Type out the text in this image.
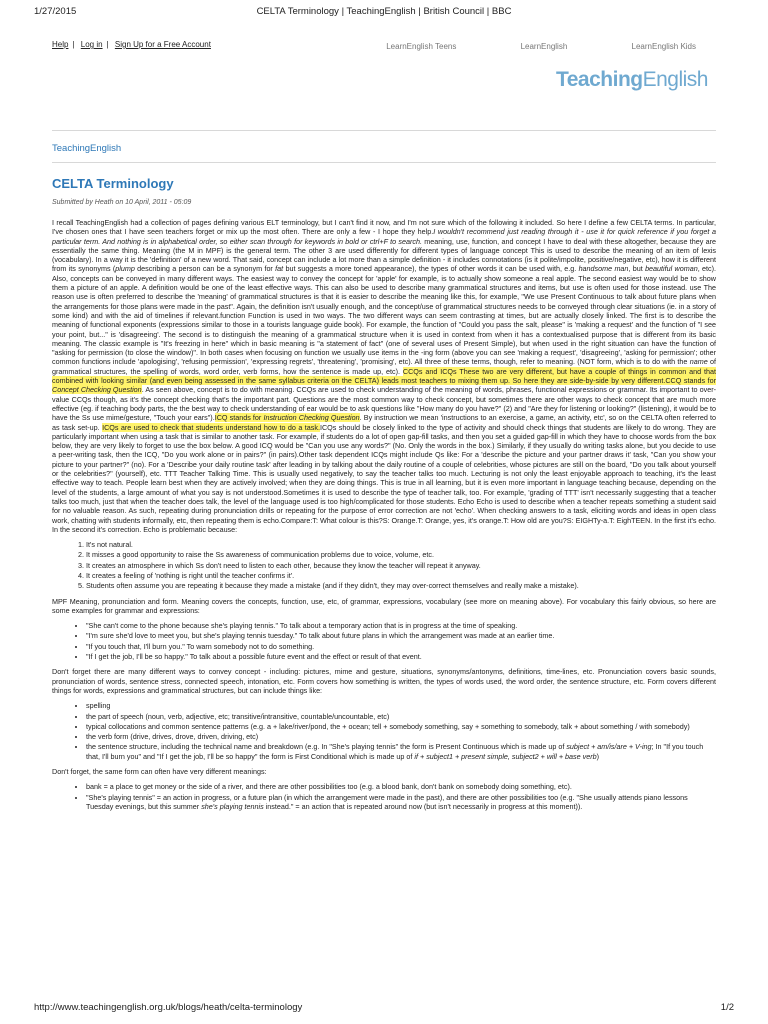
1/27/2015	CELTA Terminology | TeachingEnglish | British Council | BBC
Help | Log in | Sign Up for a Free Account	LearnEnglish Teens	LearnEnglish	LearnEnglish Kids
TeachingEnglish
TeachingEnglish
CELTA Terminology
Submitted by Heath on 10 April, 2011 - 05:09

I recall TeachingEnglish had a collection of pages defining various ELT terminology, but I can't find it now, and I'm not sure which of the following it included. So here I define a few CELTA terms. In particular, I've chosen ones that I have seen teachers forget or mix up the most often. There are only a few - I hope they help.I wouldn't recommend just reading through it - use it for quick reference if you forget a particular term. And nothing is in alphabetical order, so either scan through for keywords in bold or ctrl+F to search. meaning, use, function, and concept I have to deal with these altogether, because they are essentially the same thing. Meaning (the M in MPF) is the general term. The other 3 are used differently for different types of language concept This is used to describe the meaning of an item of lexis (vocabulary). In a way it is the 'definition' of a new word. That said, concept can include a lot more than a simple definition - it includes connotations (is it polite/impolite, positive/negative, etc), how it is different from its synonyms (plump describing a person can be a synonym for fat but suggests a more toned appearance), the types of other words it can be used with, e.g. handsome man, but beautiful woman, etc). Also, concepts can be conveyed in many different ways. The easiest way to convey the concept for 'apple' for example, is to actually show someone a real apple. The second easiest way would be to show them a picture of an apple. A definition would be one of the least effective ways. This can also be used to describe many grammatical structures and items, but use is often used for those instead. use The reason use is often preferred to describe the 'meaning' of grammatical structures is that it is easier to describe the meaning like this, for example, "We use Present Continuous to talk about future plans when the arrangements for those plans were made in the past". Again, the definition isn't usually enough, and the concept/use of grammatical structures needs to be conveyed through clear situations (ie. in a story of some kind) and with the aid of timelines if relevant.function Function is used in two ways. The two different ways can seem contrasting at times, but are actually closely linked. The first is to describe the meaning of functional exponents (expressions similar to those in a tourists language guide book). For example, the function of "Could you pass the salt, please" is 'making a request' and the function of "I see your point, but..." is 'disagreeing'. The second is to distinguish the meaning of a grammatical structure when it is used in context from when it has a contextualised purpose that is different from its basic meaning. The classic example is "It's freezing in here" which in basic meaning is "a statement of fact" (one of several uses of Present Simple), but when used in the right situation can have the function of "asking for permission (to close the window)". In both cases when focusing on function we usually use items in the -ing form (above you can see 'making a request', 'disagreeing', 'asking for permission'; other common functions include 'apologising', 'refusing permission', 'expressing regrets', 'threatening', 'promising', etc). All three of these terms, though, refer to meaning. (NOT form, which is to do with the name of grammatical structures, the spelling of words, word order, verb forms, how the sentence is made up, etc). CCQs and ICQs These two are very different, but have a couple of things in common and that combined with looking similar (and even being assessed in the same syllabus criteria on the CELTA) leads most teachers to mixing them up. So here they are side-by-side by very different.CCQ stands for Concept Checking Question. As seen above, concept is to do with meaning. CCQs are used to check understanding of the meaning of words, phrases, functional expressions or grammar. Its important to over-value CCQs though, as it's the concept checking that's the important part. Questions are the most common way to check concept, but sometimes there are other ways to check concept that are much more effective (eg. if teaching body parts, the the best way to check understanding of ear would be to ask questions like "How many do you have?" (2) and "Are they for listening or looking?" (listening), it would be to have the Ss use mime/gesture, "Touch your ears").ICQ stands for Instruction Checking Question. By instruction we mean 'instructions to an exercise, a game, an activity, etc', so on the CELTA often referred to as task set-up. ICQs are used to check that students understand how to do a task.ICQs should be closely linked to the type of activity and should check things that students are likely to do wrong. They are particularly important when using a task that is similar to another task. For example, if students do a lot of open gap-fill tasks, and then you set a guided gap-fill in which they have to choose words from the box below, they are very likely to forget to use the box below. A good ICQ would be "Can you use any words?" (No. Only the words in the box.) Similarly, if they usually do writing tasks alone, but you decide to use a peer-writing task, then the ICQ, "Do you work alone or in pairs?" (in pairs).Other task dependent ICQs might include Qs like: For a 'describe the picture and your partner draws it' task, "Can you show your picture to your partner?" (no). For a 'Describe your daily routine task' after leading in by talking about the daily routine of a couple of celebrities, whose pictures are still on the board, "Do you talk about yourself or the celebrities?" (yourself), etc. TTT Teacher Talking Time. This is usually used negatively, to say the teacher talks too much. Lecturing is not only the least enjoyable approach to teaching, it's the least effective way to teach. People learn best when they are actively involved; when they are doing things. This is true in all learning, but it is even more important in language teaching because, depending on the level of the students, a large amount of what you say is not understood.Sometimes it is used to describe the type of teacher talk, too. For example, 'grading of TTT' isn't necessarily suggesting that a teacher talks too much, just that when the teacher does talk, the level of the language used is too high/complicated for those students. Echo Echo is used to describe when a teacher repeats something a student said for no valuable reason. As such, repeating during pronunciation drills or repeating for the purpose of error correction are not 'echo'. When checking answers to a task, eliciting words and ideas in open class work, chatting with students informally, etc, then repeating them is echo.Compare:T: What colour is this?S: Orange.T: Orange, yes, it's orange.T: How old are you?S: EIGHTy-a.T: EighTEEN. In the first it's echo. In the second it's correction. Echo is problematic because:

1. It's not natural.
2. It misses a good opportunity to raise the Ss awareness of communication problems due to voice, volume, etc.
3. It creates an atmosphere in which Ss don't need to listen to each other, because they know the teacher will repeat it anyway.
4. It creates a feeling of 'nothing is right until the teacher confirms it'.
5. Students often assume you are repeating it because they made a mistake (and if they didn't, they may over-correct themselves and really make a mistake).

MPF Meaning, pronunciation and form. Meaning covers the concepts, function, use, etc, of grammar, expressions, vocabulary (see more on meaning above). For vocabulary this fairly obvious, so here are some examples for grammar and expressions:

• "She can't come to the phone because she's playing tennis." To talk about a temporary action that is in progress at the time of speaking.
• "I'm sure she'd love to meet you, but she's playing tennis tuesday." To talk about future plans in which the arrangement was made at an earlier time.
• "If you touch that, I'll burn you." To warn somebody not to do something.
• "If I get the job, I'll be so happy." To talk about a possible future event and the effect or result of that event.

Don't forget there are many different ways to convey concept - including: pictures, mime and gesture, situations, synonyms/antonyms, definitions, time-lines, etc. Pronunciation covers basic sounds, pronunciation of words, sentence stress, connected speech, intonation, etc. Form covers how something is written, the types of words used, the word order, the sentence structure, etc. Form covers different things for words, expressions and grammatical structures, but can include things like:

• spelling
• the part of speech (noun, verb, adjective, etc; transitive/intransitive, countable/uncountable, etc)
• typical collocations and common sentence patterns (e.g. a + lake/river/pond, the + ocean; tell + somebody something, say + something to somebody, talk + about something / with somebody)
• the verb form (drive, drives, drove, driven, driving, etc)
• the sentence structure, including the technical name and breakdown (e.g. In "She's playing tennis" the form is Present Continuous which is made up of subject + am/is/are + V-ing; In "If you touch that, I'll burn you" and "If I get the job, I'll be so happy" the form is First Conditional which is made up of if + subject1 + present simple, subject2 + will + base verb)

Don't forget, the same form can often have very different meanings:

• bank = a place to get money or the side of a river, and there are other possibilities too (e.g. a blood bank, don't bank on somebody doing something, etc).
• "She's playing tennis" = an action in progress, or a future plan (in which the arrangement were made in the past), and there are other possibilities too (e.g. "She usually attends piano lessons Tuesday evenings, but this summer she's playing tennis instead." = an action that is repeated around now (but isn't necessarily in progress at this moment)).
http://www.teachingenglish.org.uk/blogs/heath/celta-terminology	1/2
